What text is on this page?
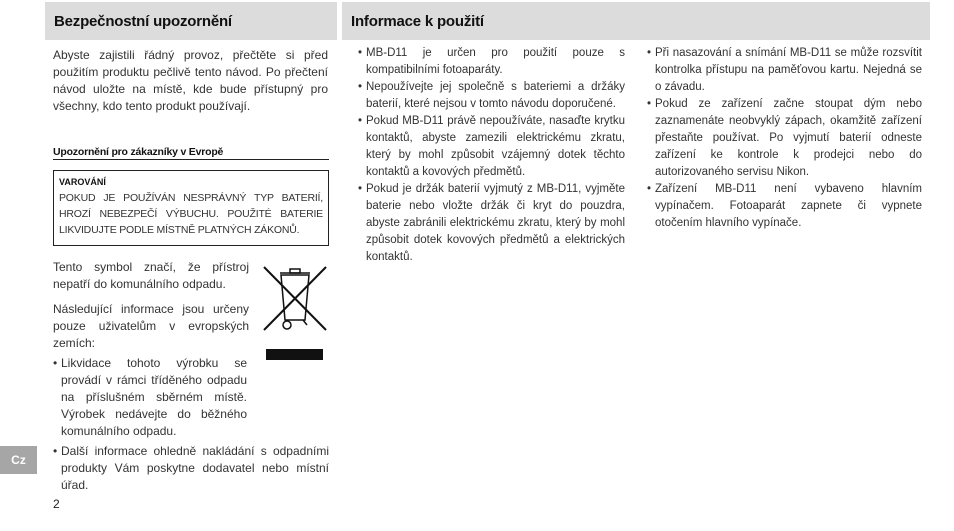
Bezpečnostní upozornění	Informace k použití

Abyste zajistili řádný provoz, přečtěte si před použitím produktu pečlivě tento návod. Po přečtení návod uložte na místě, kde bude přístupný pro všechny, kdo tento produkt používají.

Upozornění pro zákazníky v Evropě
VAROVÁNÍ
POKUD JE POUŽÍVÁN NESPRÁVNÝ TYP BATERIÍ, HROZÍ NEBEZPEČÍ VÝBUCHU. POUŽITÉ BATERIE LIKVIDUJTE PODLE MÍSTNĚ PLATNÝCH ZÁKONŮ.

Tento symbol značí, že přístroj nepatří do komunálního odpadu.

Následující informace jsou určeny pouze uživatelům v evropských zemích:

• Likvidace tohoto výrobku se provádí v rámci tříděného odpadu na příslušném sběrném místě. Výrobek nedávejte do běžného komunálního odpadu.
• Další informace ohledně nakládání s odpadními produkty Vám poskytne dodavatel nebo místní úřad.
• MB-D11 je určen pro použití pouze s kompatibilními fotoaparáty.
• Nepoužívejte jej společně s bateriemi a držáky baterií, které nejsou v tomto návodu doporučené.
• Pokud MB-D11 právě nepoužíváte, nasaďte krytku kontaktů, abyste zamezili elektrickému zkratu, který by mohl způsobit vzájemný dotek těchto kontaktů a kovových předmětů.
• Pokud je držák baterií vyjmutý z MB-D11, vyjměte baterie nebo vložte držák či kryt do pouzdra, abyste zabránili elektrickému zkratu, který by mohl způsobit dotek kovových předmětů a elektrických kontaktů.
• Při nasazování a snímání MB-D11 se může rozsvítit kontrolka přístupu na paměťovou kartu. Nejedná se o závadu.
• Pokud ze zařízení začne stoupat dým nebo zaznamenáte neobvyklý zápach, okamžitě zařízení přestaňte používat. Po vyjmutí baterií odneste zařízení ke kontrole k prodejci nebo do autorizovaného servisu Nikon.
• Zařízení MB-D11 není vybaveno hlavním vypínačem. Fotoaparát zapnete či vypnete otočením hlavního vypínače.
Cz
2
